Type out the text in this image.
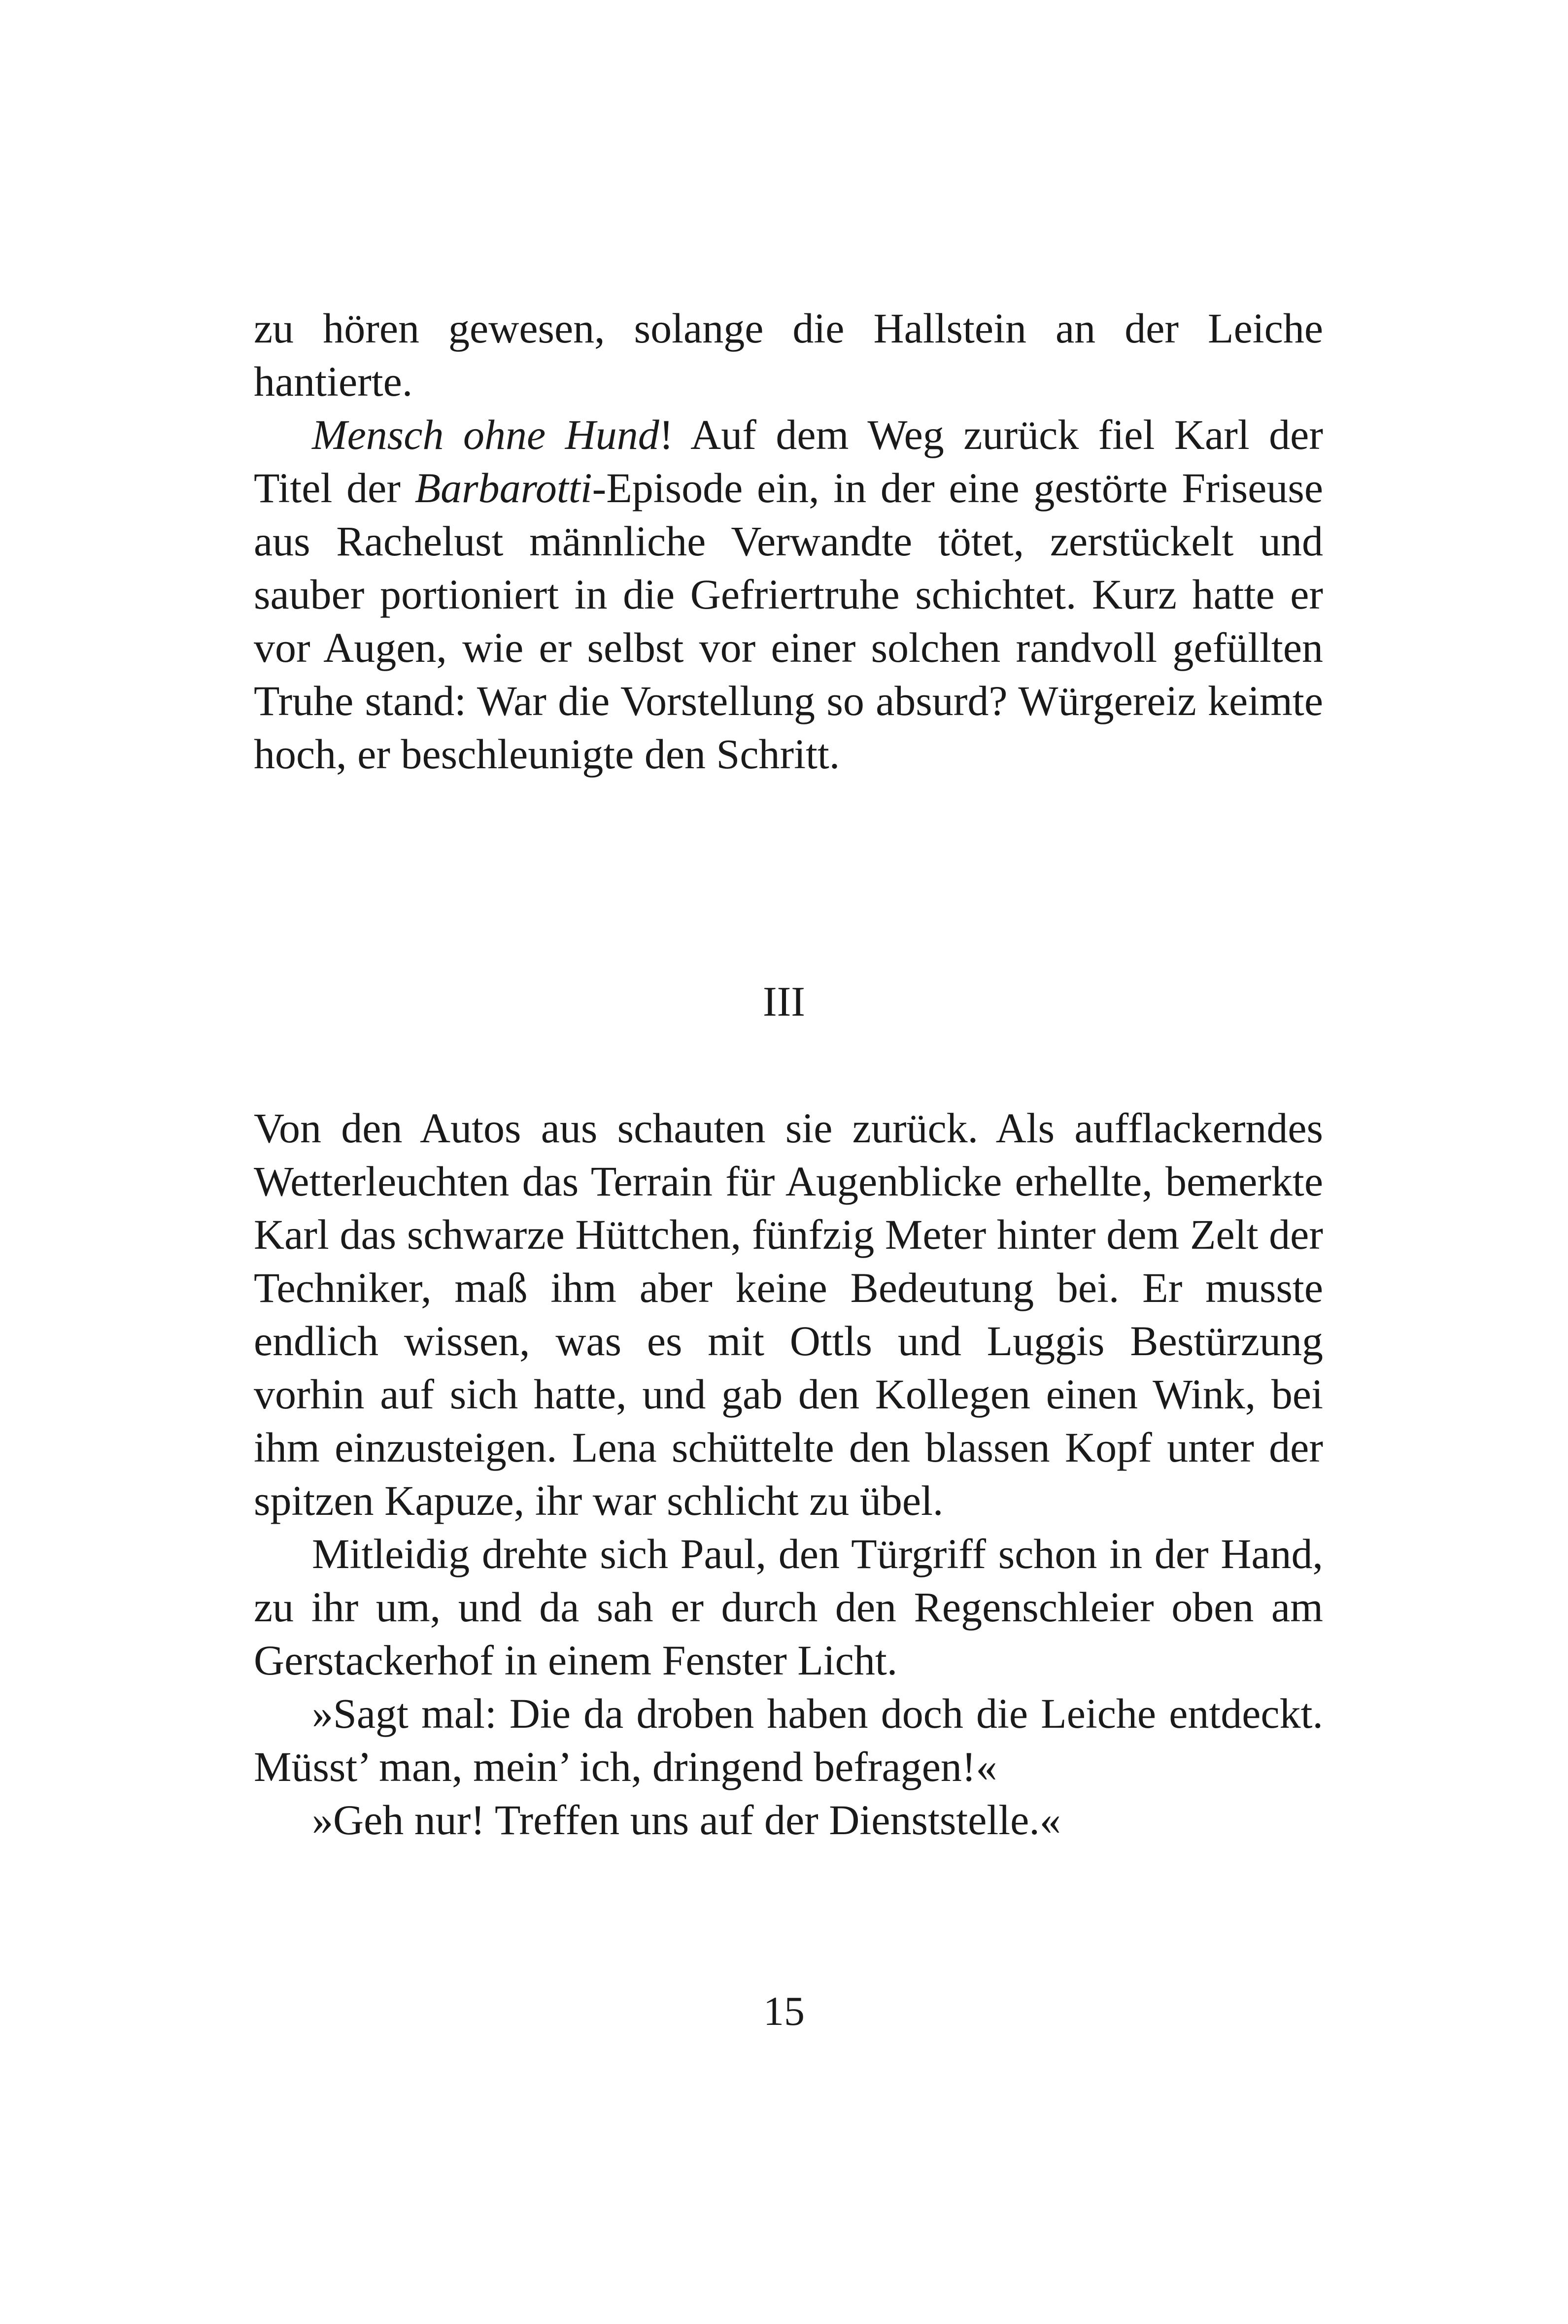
zu hören gewesen, solange die Hallstein an der Leiche hantierte.

Mensch ohne Hund! Auf dem Weg zurück fiel Karl der Titel der Barbarotti-Episode ein, in der eine gestörte Friseuse aus Rachelust männliche Verwandte tötet, zerstückelt und sauber portioniert in die Gefriertruhe schichtet. Kurz hatte er vor Augen, wie er selbst vor einer solchen randvoll gefüllten Truhe stand: War die Vorstellung so absurd? Würgereiz keimte hoch, er beschleunigte den Schritt.

III

Von den Autos aus schauten sie zurück. Als aufflackerndes Wetterleuchten das Terrain für Augenblicke erhellte, bemerkte Karl das schwarze Hüttchen, fünfzig Meter hinter dem Zelt der Techniker, maß ihm aber keine Bedeutung bei. Er musste endlich wissen, was es mit Ottls und Luggis Bestürzung vorhin auf sich hatte, und gab den Kollegen einen Wink, bei ihm einzusteigen. Lena schüttelte den blassen Kopf unter der spitzen Kapuze, ihr war schlicht zu übel.

Mitleidig drehte sich Paul, den Türgriff schon in der Hand, zu ihr um, und da sah er durch den Regenschleier oben am Gerstackerhof in einem Fenster Licht.

»Sagt mal: Die da droben haben doch die Leiche entdeckt. Müsst’ man, mein’ ich, dringend befragen!«

»Geh nur! Treffen uns auf der Dienststelle.«

15
